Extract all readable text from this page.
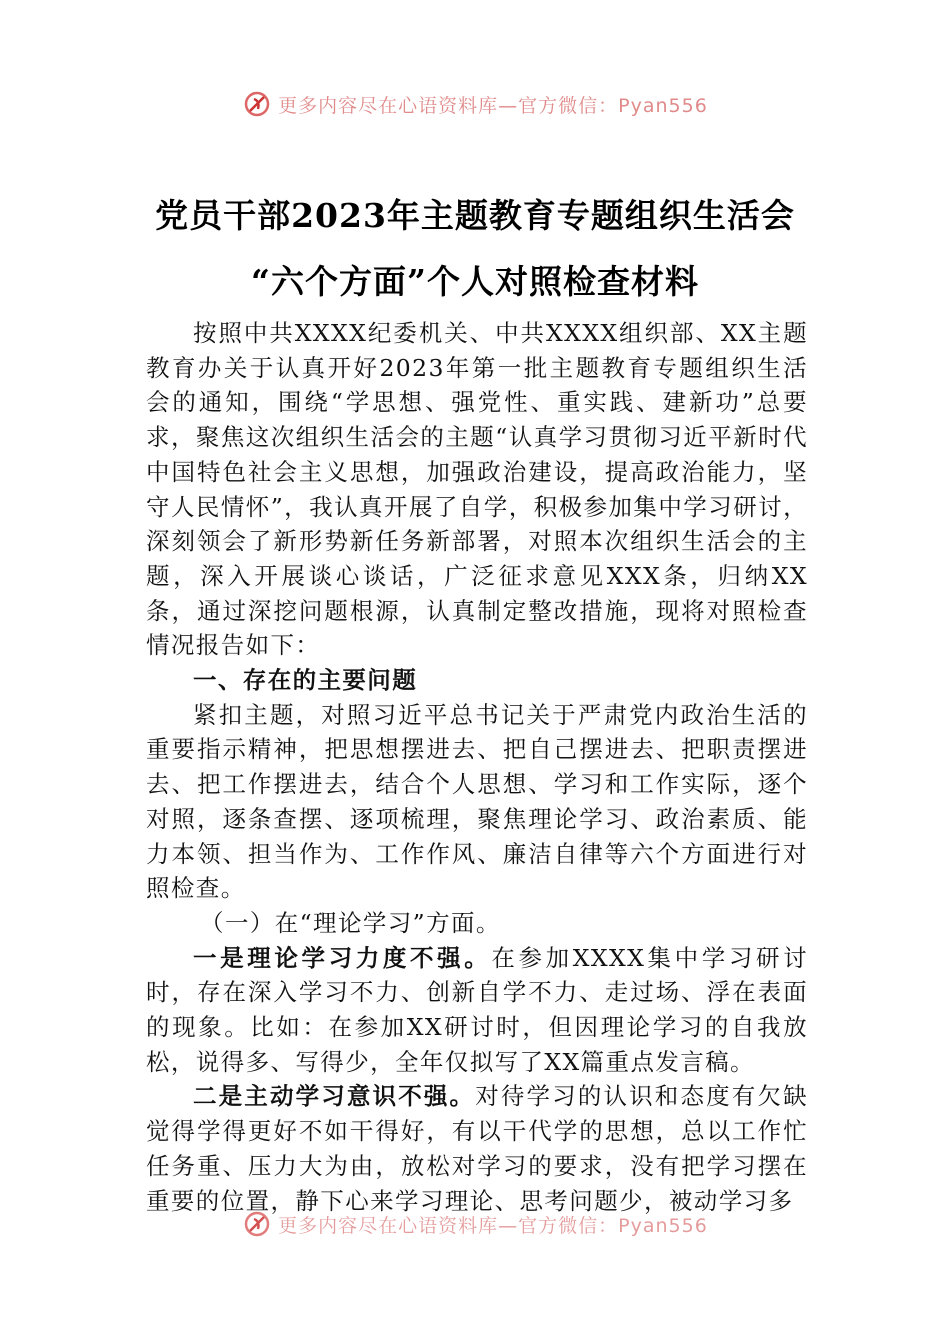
更多内容尽在心语资料库—官方微信：Pyan556
党员干部2023年主题教育专题组织生活会
“六个方面”个人对照检查材料

按照中共XXXX纪委机关、中共XXXX组织部、XX主题教育办关于认真开好2023年第一批主题教育专题组织生活会的通知，围绕“学思想、强党性、重实践、建新功”总要求，聚焦这次组织生活会的主题“认真学习贯彻习近平新时代中国特色社会主义思想，加强政治建设，提高政治能力，坚守人民情怀”，我认真开展了自学，积极参加集中学习研讨，深刻领会了新形势新任务新部署，对照本次组织生活会的主题，深入开展谈心谈话，广泛征求意见XXX条，归纳XX条，通过深挖问题根源，认真制定整改措施，现将对照检查情况报告如下：

一、存在的主要问题

紧扣主题，对照习近平总书记关于严肃党内政治生活的重要指示精神，把思想摆进去、把自己摆进去、把职责摆进去、把工作摆进去，结合个人思想、学习和工作实际，逐个对照，逐条查摆、逐项梳理，聚焦理论学习、政治素质、能力本领、担当作为、工作作风、廉洁自律等六个方面进行对照检查。

（一）在“理论学习”方面。

一是理论学习力度不强。在参加XXXX集中学习研讨时，存在深入学习不力、创新自学不力、走过场、浮在表面的现象。比如：在参加XX研讨时，但因理论学习的自我放松，说得多、写得少，全年仅拟写了XX篇重点发言稿。

二是主动学习意识不强。对待学习的认识和态度有欠缺觉得学得更好不如干得好，有以干代学的思想，总以工作忙任务重、压力大为由，放松对学习的要求，没有把学习摆在重要的位置，静下心来学习理论、思考问题少，被动学习多

更多内容尽在心语资料库—官方微信：Pyan556
